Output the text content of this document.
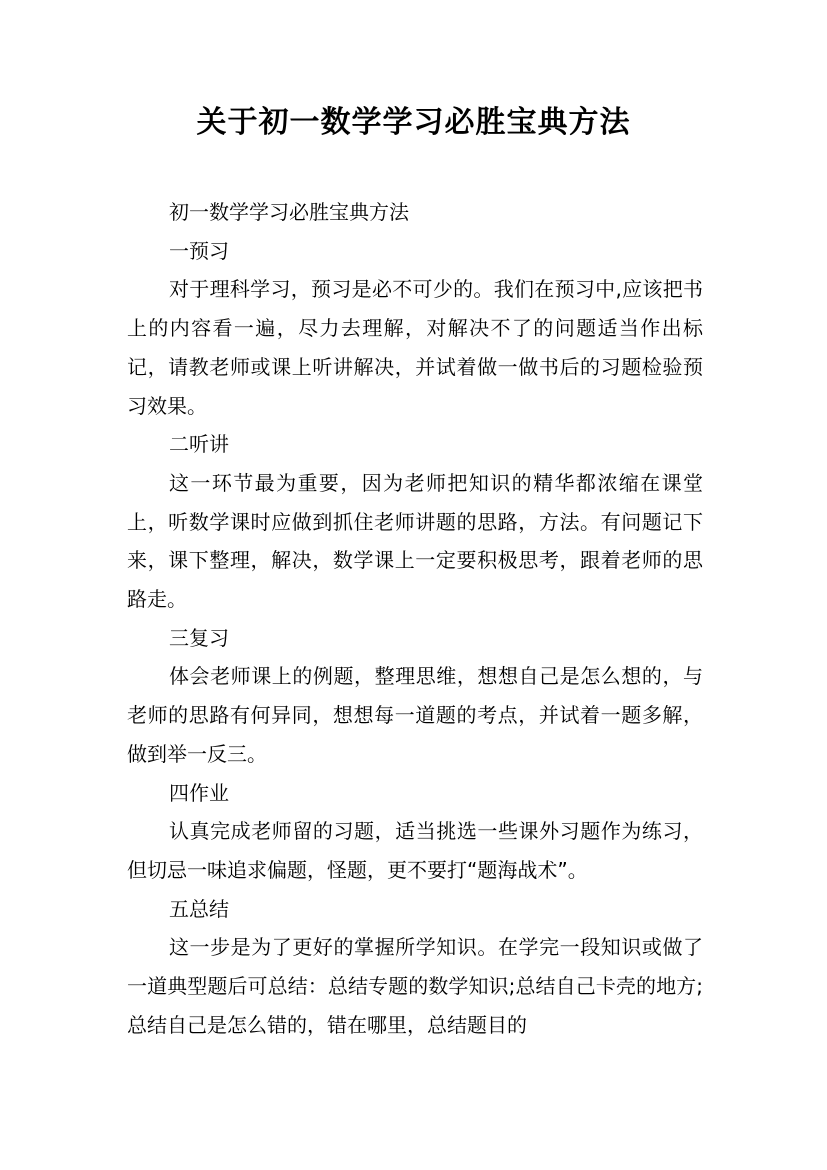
关于初一数学学习必胜宝典方法

初一数学学习必胜宝典方法

一预习

对于理科学习，预习是必不可少的。我们在预习中,应该把书上的内容看一遍，尽力去理解，对解决不了的问题适当作出标记，请教老师或课上听讲解决，并试着做一做书后的习题检验预习效果。

二听讲

这一环节最为重要，因为老师把知识的精华都浓缩在课堂上，听数学课时应做到抓住老师讲题的思路，方法。有问题记下来，课下整理，解决，数学课上一定要积极思考，跟着老师的思路走。

三复习

体会老师课上的例题，整理思维，想想自己是怎么想的，与老师的思路有何异同，想想每一道题的考点，并试着一题多解，做到举一反三。

四作业

认真完成老师留的习题，适当挑选一些课外习题作为练习，但切忌一味追求偏题，怪题，更不要打“题海战术”。

五总结

这一步是为了更好的掌握所学知识。在学完一段知识或做了一道典型题后可总结：总结专题的数学知识;总结自己卡壳的地方;总结自己是怎么错的，错在哪里，总结题目的
